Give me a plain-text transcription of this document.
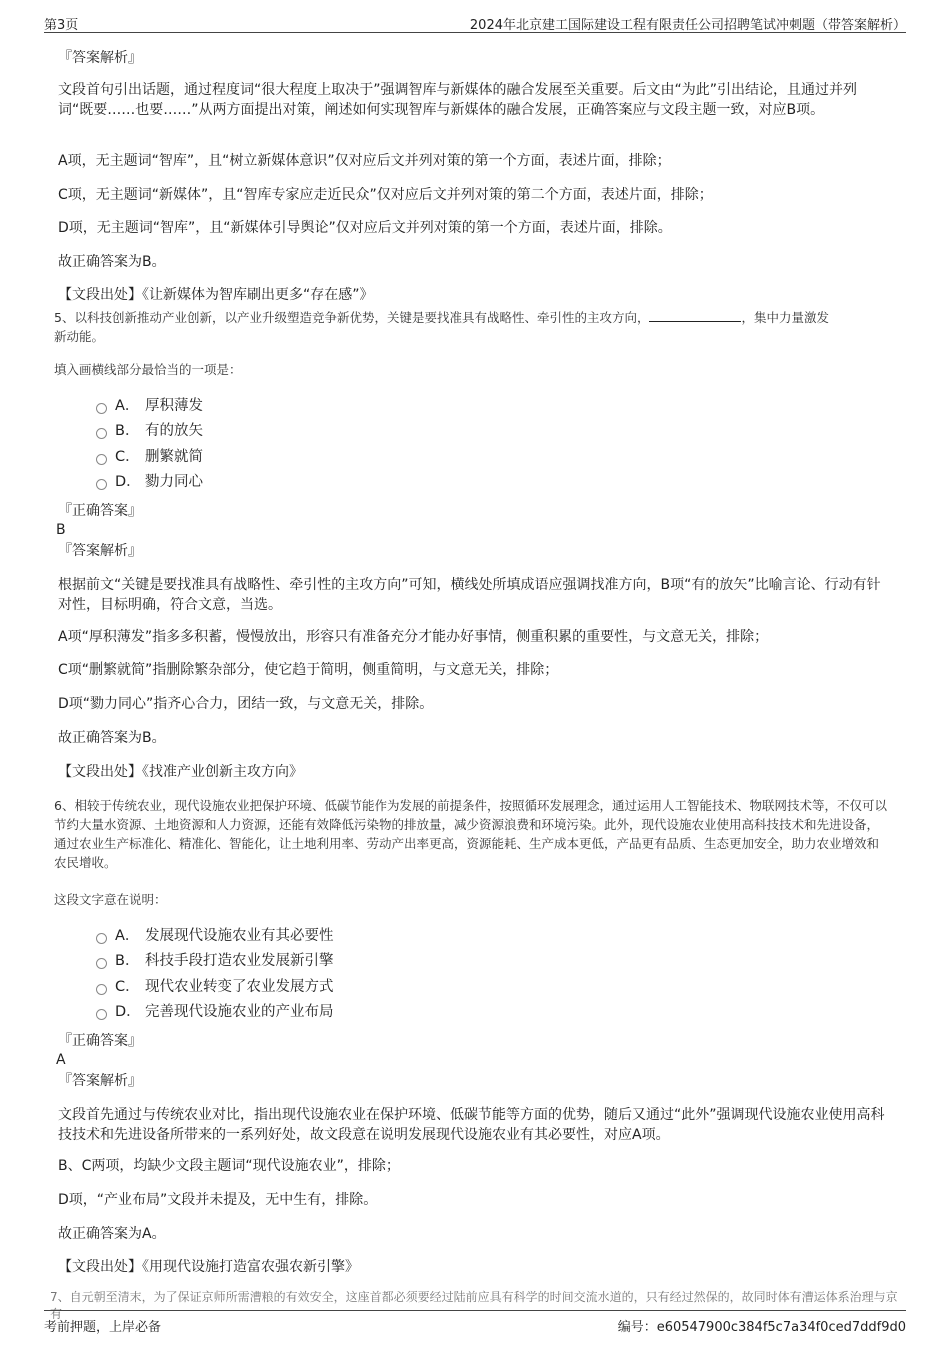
第3页	2024年北京建工国际建设工程有限责任公司招聘笔试冲刺题（带答案解析）
『答案解析』
文段首句引出话题，通过程度词“很大程度上取决于”强调智库与新媒体的融合发展至关重要。后文由“为此”引出结论，且通过并列词“既要……也要……”从两方面提出对策，阐述如何实现智库与新媒体的融合发展，正确答案应与文段主题一致，对应B项。
A项，无主题词“智库”，且“树立新媒体意识”仅对应后文并列对策的第一个方面，表述片面，排除；
C项，无主题词“新媒体”，且“智库专家应走近民众”仅对应后文并列对策的第二个方面，表述片面，排除；
D项，无主题词“智库”，且“新媒体引导舆论”仅对应后文并列对策的第一个方面，表述片面，排除。
故正确答案为B。
【文段出处】《让新媒体为智库刷出更多“存在感”》
5、以科技创新推动产业创新，以产业升级塑造竞争新优势，关键是要找准具有战略性、牵引性的主攻方向，	，集中力量激发
新动能。
填入画横线部分最恰当的一项是：
A． 厚积薄发
B． 有的放矢
C． 删繁就简
D． 勠力同心
『正确答案』
B
『答案解析』
根据前文“关键是要找准具有战略性、牵引性的主攻方向”可知，横线处所填成语应强调找准方向，B项“有的放矢”比喻言论、行动有针对性，目标明确，符合文意，当选。
A项“厚积薄发”指多多积蓄，慢慢放出，形容只有准备充分才能办好事情，侧重积累的重要性，与文意无关，排除；
C项“删繁就简”指删除繁杂部分，使它趋于简明，侧重简明，与文意无关，排除；
D项“勠力同心”指齐心合力，团结一致，与文意无关，排除。
故正确答案为B。
【文段出处】《找准产业创新主攻方向》
6、相较于传统农业，现代设施农业把保护环境、低碳节能作为发展的前提条件，按照循环发展理念，通过运用人工智能技术、物联网技术等，不仅可以节约大量水资源、土地资源和人力资源，还能有效降低污染物的排放量，减少资源浪费和环境污染。此外，现代设施农业使用高科技技术和先进设备，通过农业生产标准化、精准化、智能化，让土地利用率、劳动产出率更高，资源能耗、生产成本更低，产品更有品质、生态更加安全，助力农业增效和农民增收。
这段文字意在说明：
A． 发展现代设施农业有其必要性
B． 科技手段打造农业发展新引擎
C． 现代农业转变了农业发展方式
D． 完善现代设施农业的产业布局
『正确答案』
A
『答案解析』
文段首先通过与传统农业对比，指出现代设施农业在保护环境、低碳节能等方面的优势，随后又通过“此外”强调现代设施农业使用高科技技术和先进设备所带来的一系列好处，故文段意在说明发展现代设施农业有其必要性，对应A项。
B、C两项，均缺少文段主题词“现代设施农业”，排除；
D项，“产业布局”文段并未提及，无中生有，排除。
故正确答案为A。
【文段出处】《用现代设施打造富农强农新引擎》
7、自元朝至清末，为了保证京师所需漕粮的有效安全，这座首都必须要经过陆前应具有科学的时间交流水道的，只有经过然保的，故同时体有漕运体系治理与京有
考前押题，上岸必备	编号：e60547900c384f5c7a34f0ced7ddf9d0
